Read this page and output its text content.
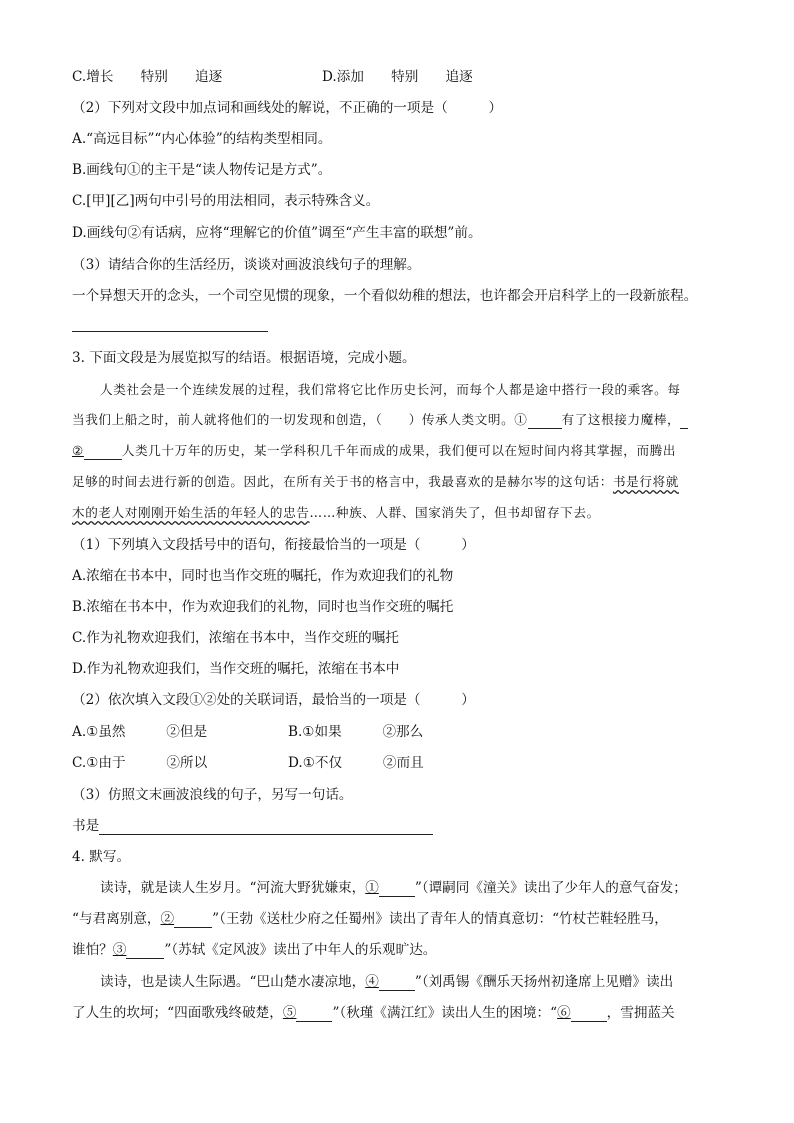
C.增长　　特别　　追逐	D.添加　　特别　　追逐
（2）下列对文段中加点词和画线处的解说，不正确的一项是（　　　）
A.“高远目标”“内心体验”的结构类型相同。
B.画线句①的主干是“读人物传记是方式”。
C.[甲][乙]两句中引号的用法相同，表示特殊含义。
D.画线句②有话病，应将“理解它的价值”调至“产生丰富的联想”前。
（3）请结合你的生活经历，谈谈对画波浪线句子的理解。
一个异想天开的念头，一个司空见惯的现象，一个看似幼稚的想法，也许都会开启科学上的一段新旅程。
3. 下面文段是为展览拟写的结语。根据语境，完成小题。
人类社会是一个连续发展的过程，我们常将它比作历史长河，而每个人都是途中搭行一段的乘客。每
当我们上船之时，前人就将他们的一切发现和创造，（　　）传承人类文明。①	有了这根接力魔棒，
②	人类几十万年的历史，某一学科积几千年而成的成果，我们便可以在短时间内将其掌握，而腾出
足够的时间去进行新的创造。因此，在所有关于书的格言中，我最喜欢的是赫尔岑的这句话：书是行将就
木的老人对刚刚开始生活的年轻人的忠告……种族、人群、国家消失了，但书却留存下去。
（1）下列填入文段括号中的语句，衔接最恰当的一项是（　　　）
A.浓缩在书本中，同时也当作交班的嘱托，作为欢迎我们的礼物
B.浓缩在书本中，作为欢迎我们的礼物，同时也当作交班的嘱托
C.作为礼物欢迎我们，浓缩在书本中，当作交班的嘱托
D.作为礼物欢迎我们，当作交班的嘱托，浓缩在书本中
（2）依次填入文段①②处的关联词语，最恰当的一项是（　　　）
A.①虽然　　　②但是	B.①如果　　　②那么
C.①由于　　　②所以	D.①不仅　　　②而且
（3）仿照文末画波浪线的句子，另写一句话。
书是
4. 默写。
读诗，就是读人生岁月。“河流大野犹嫌束，①	”（谭嗣同《潼关》读出了少年人的意气奋发；
“与君离别意，②	”（王勃《送杜少府之任蜀州》读出了青年人的情真意切：“竹杖芒鞋轻胜马，
谁怕？③	”（苏轼《定风波》读出了中年人的乐观旷达。
读诗，也是读人生际遇。“巴山楚水凄凉地，④	”（刘禹锡《酬乐天扬州初逢席上见赠》读出
了人生的坎坷；“四面歌残终破楚，⑤	”（秋瑾《满江红》读出人生的困境：“⑥	，雪拥蓝关
